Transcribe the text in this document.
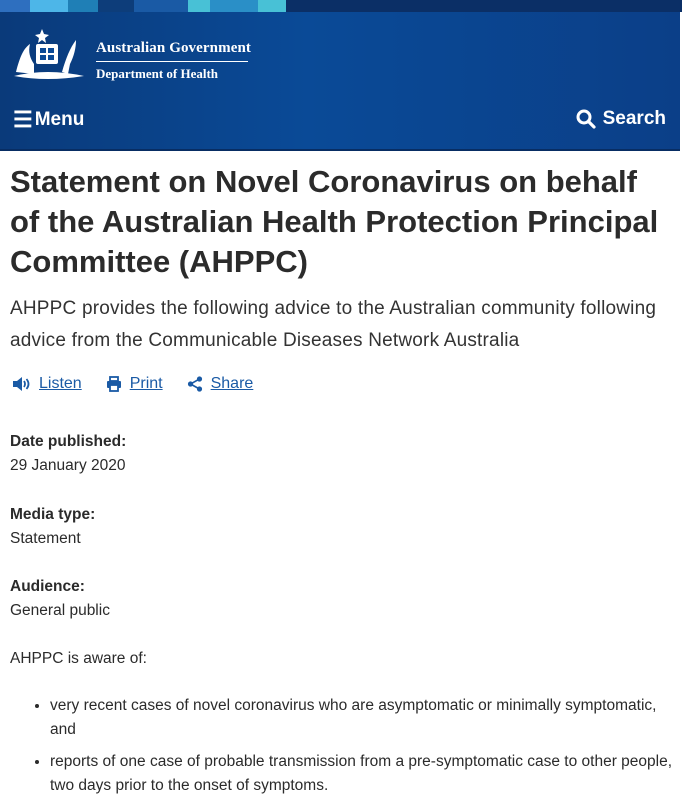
Australian Government
Department of Health
☰ Menu	Search
Statement on Novel Coronavirus on behalf of the Australian Health Protection Principal Committee (AHPPC)

AHPPC provides the following advice to the Australian community following advice from the Communicable Diseases Network Australia

Listen	Print	Share
Date published:
29 January 2020
Media type:
Statement
Audience:
General public
AHPPC is aware of:
• very recent cases of novel coronavirus who are asymptomatic or minimally symptomatic, and
• reports of one case of probable transmission from a pre-symptomatic case to other people, two days prior to the onset of symptoms.
